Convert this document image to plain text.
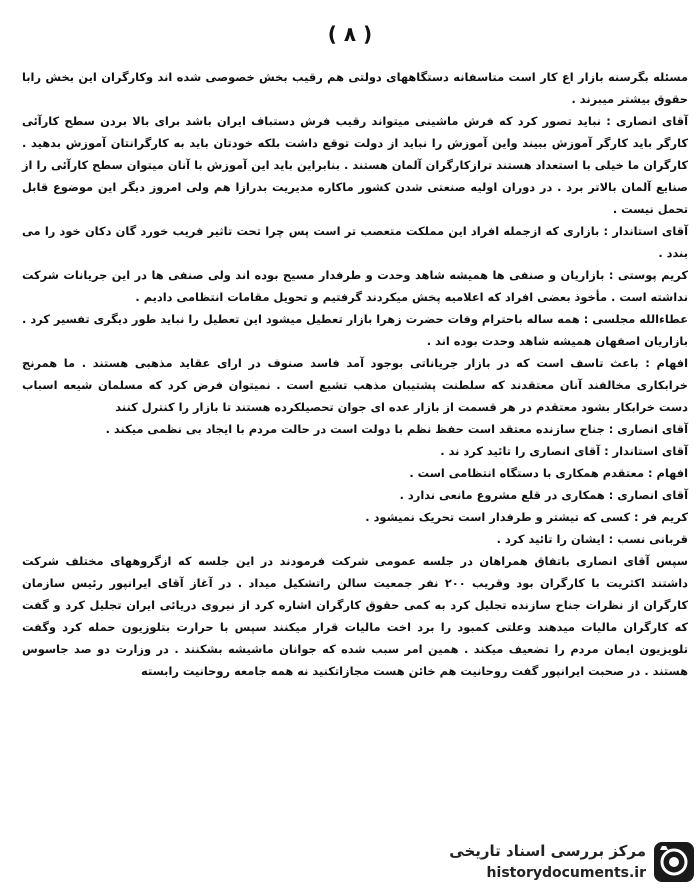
( ۸ )

مسئله بگرسنه بازار اع کار است متاسفانه دستگاههای دولتی هم رقیب بخش خصوصی شده اند وکارگران این بخش رابا حقوق بیشتر میبرند .

آقای انصاری : نباید تصور کرد که فرش ماشینی میتواند رقیب فرش دستباف ایران باشد برای بالا بردن سطح کارآئی کارگر باید کارگر آموزش ببیند واین آموزش را نباید از دولت توقع داشت بلکه خودتان باید به کارگرانتان آموزش بدهید . کارگران ما خیلی با استعداد هستند ترازکارگران آلمان هستند . بنابراین باید این آموزش با آنان میتوان سطح کارآئی را از صنایع آلمان بالاتر برد . در دوران اولیه صنعتی شدن کشور ماکاره مدیریت بدرازا هم ولی امروز دیگر این موضوع قابل تحمل نیست .

آقای استاندار : بازاری که ازجمله افراد این مملکت متعصب تر است پس چرا تحت تاثیر فریب خورد گان دکان خود را می بندد .

کریم پوستی : بازاریان و صنفی ها همیشه شاهد وحدت و طرفدار مسیح بوده اند ولی صنفی ها در این جریانات شرکت نداشته است . مأخوذ بعضی افراد که اعلامیه پخش میکردند گرفتیم و تحویل مقامات انتظامی دادیم .

عطاءالله مجلسی : همه ساله باحترام وفات حضرت زهرا بازار تعطیل میشود این تعطیل را نباید طور دیگری تفسیر کرد . بازاریان اصفهان همیشه شاهد وحدت بوده اند .

افهام : باعث تاسف است که در بازار جریاناتی بوجود آمد فاسد صنوف در ارای عقاید مذهبی هستند . ما همرنج خرابکاری مخالفند آنان معتقدند که سلطنت پشتیبان مذهب تشیع است . نمیتوان فرض کرد که مسلمان شیعه اسباب دست خرابکار بشود معتقدم در هر قسمت از بازار عده ای جوان تحصیلکرده هستند تا بازار را کنترل کنند

آقای انصاری : جناح سازنده معتقد است حفظ نظم با دولت است در حالت مردم با ایجاد بی نظمی میکند .

آقای استاندار : آقای انصاری را تائید کرد ند .

افهام : معتقدم همکاری با دستگاه انتظامی است .

آقای انصاری : همکاری در قلع مشروع مانعی ندارد .

کریم فر : کسی که تیشتر و طرفدار است تحریک نمیشود .

قربانی نسب : ایشان را تائید کرد .

سپس آقای انصاری باتفاق همراهان در جلسه عمومی شرکت فرمودند در این جلسه که ازگروههای مختلف شرکت داشتند اکثریت با کارگران بود وقریب ۲۰۰ نفر جمعیت سالن راتشکیل میداد . در آغاز آقای ایرانپور رئیس سازمان کارگران از نظرات جناح سازنده تجلیل کرد به کمی حقوق کارگران اشاره کرد از نیروی دریائی ایران تجلیل کرد و گفت که کارگران مالیات میدهند وعلتی کمبود را برد اخت مالیات قرار میکنند سپس با حرارت بتلوزیون حمله کرد وگفت تلویزیون ایمان مردم را تضعیف میکند . همین امر سبب شده که جوانان ماشیشه بشکنند . در وزارت دو صد جاسوس هستند . در صحبت ایرانپور گفت روحانیت هم خائن هست مجازاتکنید نه همه جامعه روحانیت رابسته

مرکز بررسی اسناد تاریخی
historydocuments.ir
